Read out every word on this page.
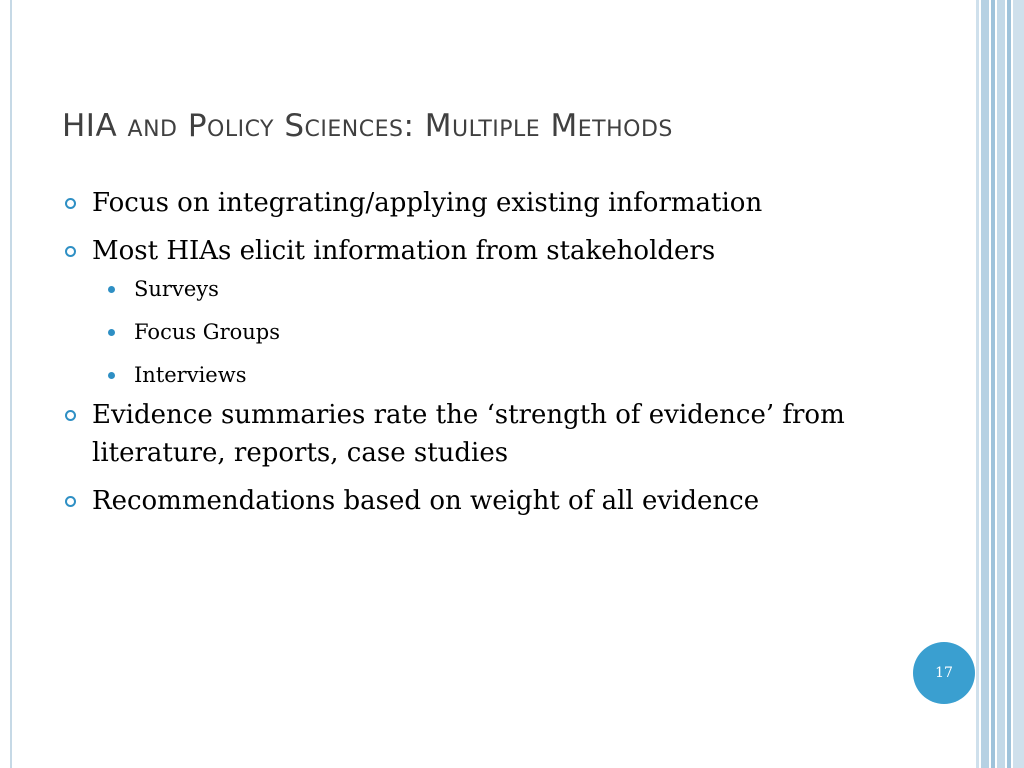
HIA and Policy Sciences: Multiple Methods
Focus on integrating/applying existing information
Most HIAs elicit information from stakeholders
Surveys
Focus Groups
Interviews
Evidence summaries rate the ‘strength of evidence’ from literature, reports, case studies
Recommendations based on weight of all evidence
17
